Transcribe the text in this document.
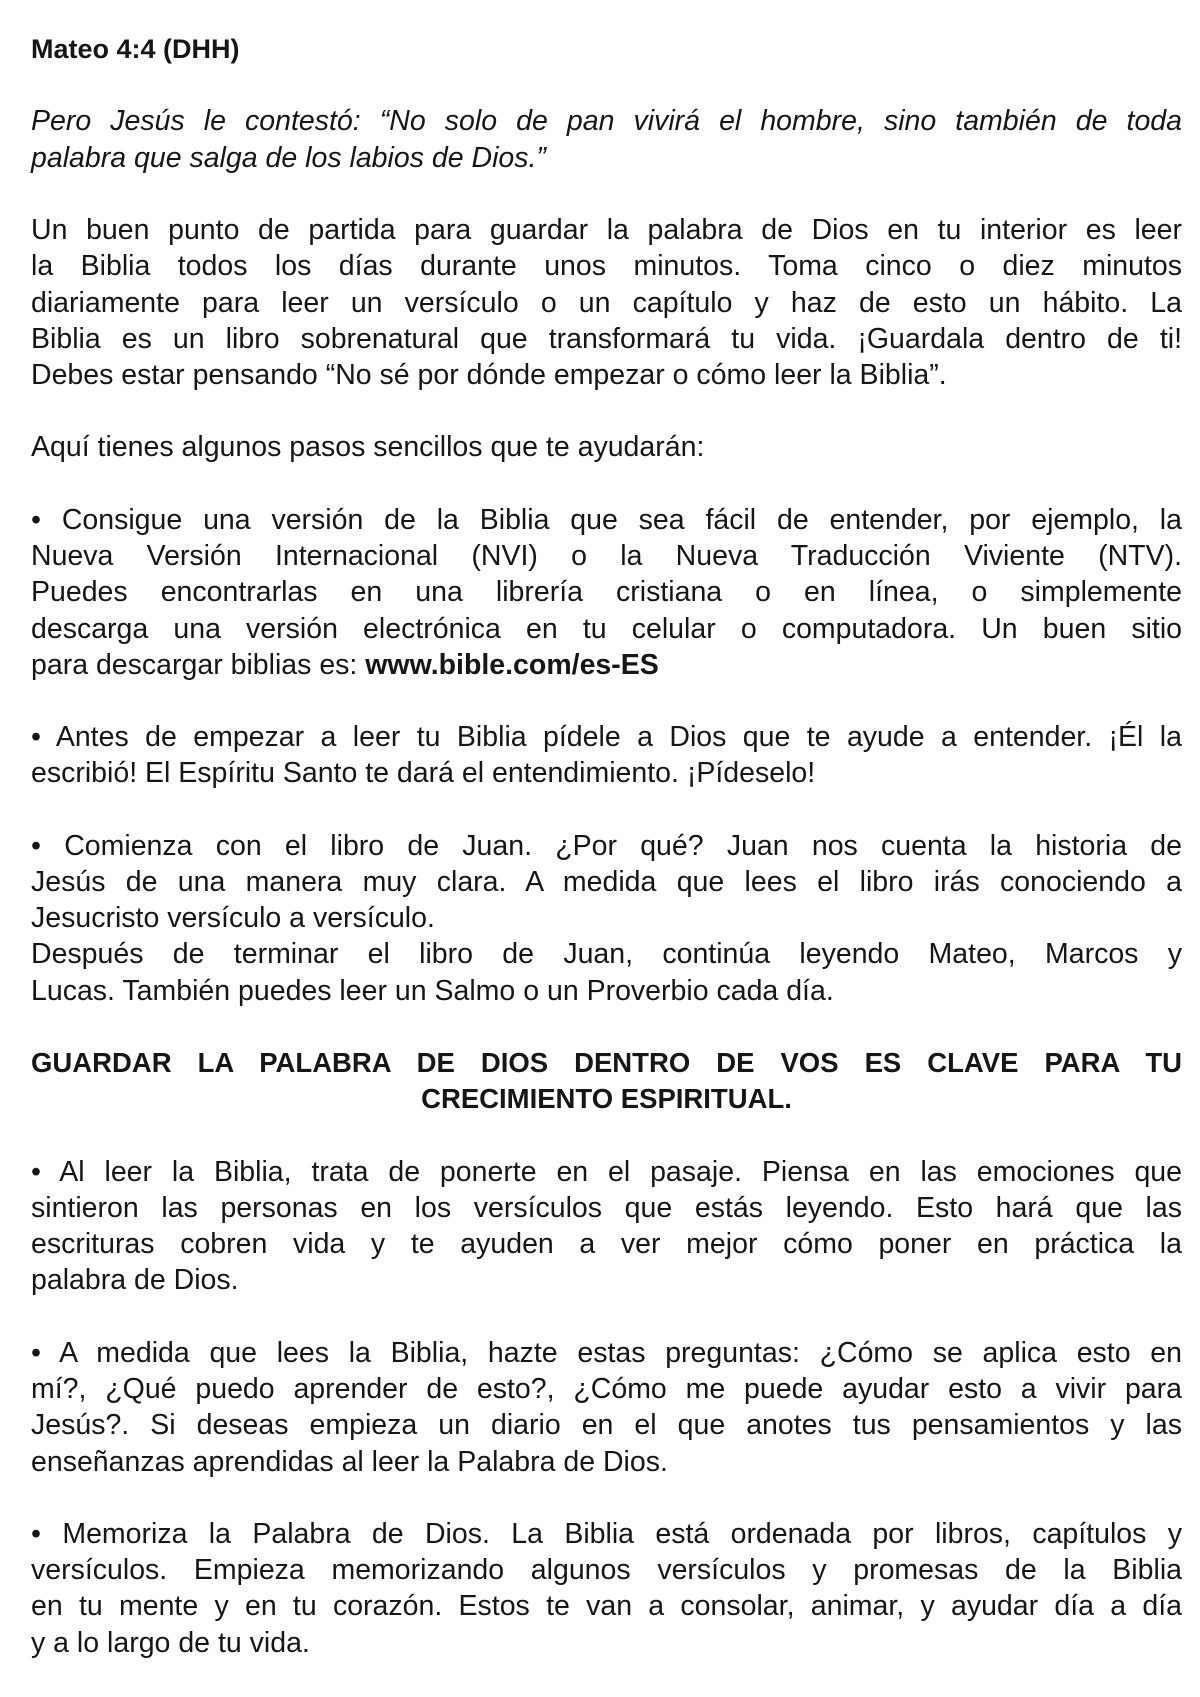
Mateo 4:4 (DHH)
Pero Jesús le contestó: “No solo de pan vivirá el hombre, sino también de toda
palabra que salga de los labios de Dios.”
Un buen punto de partida para guardar la palabra de Dios en tu interior es leer
la Biblia todos los días durante unos minutos. Toma cinco o diez minutos
diariamente para leer un versículo o un capítulo y haz de esto un hábito. La
Biblia es un libro sobrenatural que transformará tu vida. ¡Guardala dentro de ti!
Debes estar pensando “No sé por dónde empezar o cómo leer la Biblia”.
Aquí tienes algunos pasos sencillos que te ayudarán:
• Consigue una versión de la Biblia que sea fácil de entender, por ejemplo, la
Nueva Versión Internacional (NVI) o la Nueva Traducción Viviente (NTV).
Puedes encontrarlas en una librería cristiana o en línea, o simplemente
descarga una versión electrónica en tu celular o computadora. Un buen sitio
para descargar biblias es: www.bible.com/es-ES
• Antes de empezar a leer tu Biblia pídele a Dios que te ayude a entender. ¡Él la
escribió! El Espíritu Santo te dará el entendimiento. ¡Pídeselo!
• Comienza con el libro de Juan. ¿Por qué? Juan nos cuenta la historia de
Jesús de una manera muy clara. A medida que lees el libro irás conociendo a
Jesucristo versículo a versículo.
Después de terminar el libro de Juan, continúa leyendo Mateo, Marcos y
Lucas. También puedes leer un Salmo o un Proverbio cada día.
GUARDAR LA PALABRA DE DIOS DENTRO DE VOS ES CLAVE PARA TU
CRECIMIENTO ESPIRITUAL.
• Al leer la Biblia, trata de ponerte en el pasaje. Piensa en las emociones que
sintieron las personas en los versículos que estás leyendo. Esto hará que las
escrituras cobren vida y te ayuden a ver mejor cómo poner en práctica la
palabra de Dios.
• A medida que lees la Biblia, hazte estas preguntas: ¿Cómo se aplica esto en
mí?, ¿Qué puedo aprender de esto?, ¿Cómo me puede ayudar esto a vivir para
Jesús?. Si deseas empieza un diario en el que anotes tus pensamientos y las
enseñanzas aprendidas al leer la Palabra de Dios.
• Memoriza la Palabra de Dios. La Biblia está ordenada por libros, capítulos y
versículos. Empieza memorizando algunos versículos y promesas de la Biblia
en tu mente y en tu corazón. Estos te van a consolar, animar, y ayudar día a día
y a lo largo de tu vida.
